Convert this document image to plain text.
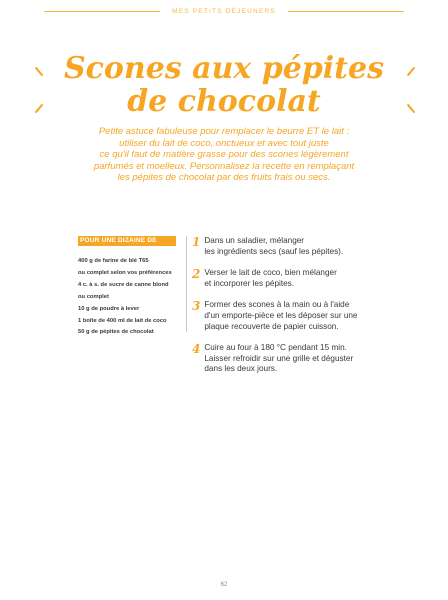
MES PETITS DÉJEUNERS
Scones aux pépites
de chocolat
Petite astuce fabuleuse pour remplacer le beurre ET le lait :
utiliser du lait de coco, onctueux et avec tout juste
ce qu'il faut de matière grasse pour des scones légèrement
parfumés et moelleux. Personnalisez la recette en remplaçant
les pépites de chocolat par des fruits frais ou secs.
POUR UNE DIZAINE DE SCONES
400 g de farine de blé T65
ou complet selon vos préférences
4 c. à s. de sucre de canne blond
ou complet
10 g de poudre à lever
1 boîte de 400 ml de lait de coco
50 g de pépites de chocolat
1 Dans un saladier, mélanger
les ingrédients secs (sauf les pépites).
2 Verser le lait de coco, bien mélanger
et incorporer les pépites.
3 Former des scones à la main ou à l'aide
d'un emporte-pièce et les déposer sur une
plaque recouverte de papier cuisson.
4 Cuire au four à 180 °C pendant 15 min.
Laisser refroidir sur une grille et déguster
dans les deux jours.
62
